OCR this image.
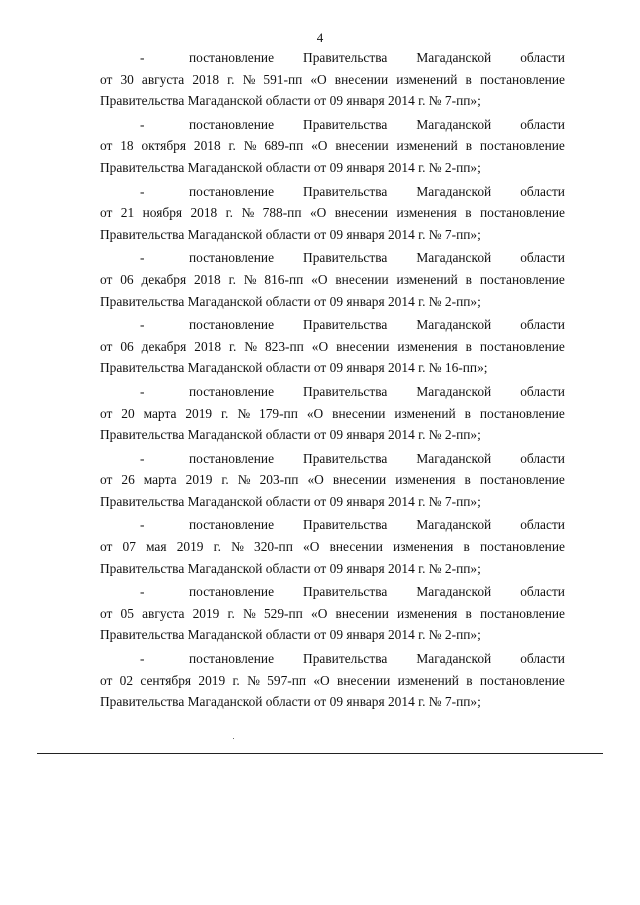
4
-	постановление Правительства Магаданской области
от 30 августа 2018 г. № 591-пп «О внесении изменений в постановление
Правительства Магаданской области от 09 января 2014 г. № 7-пп»;
-	постановление Правительства Магаданской области
от 18 октября 2018 г. № 689-пп «О внесении изменений в постановление
Правительства Магаданской области от 09 января 2014 г. № 2-пп»;
-	постановление Правительства Магаданской области
от 21 ноября 2018 г. № 788-пп «О внесении изменения в постановление
Правительства Магаданской области от 09 января 2014 г. № 7-пп»;
-	постановление Правительства Магаданской области
от 06 декабря 2018 г. № 816-пп «О внесении изменений в постановление
Правительства Магаданской области от 09 января 2014 г. № 2-пп»;
-	постановление Правительства Магаданской области
от 06 декабря 2018 г. № 823-пп «О внесении изменения в постановление
Правительства Магаданской области от 09 января 2014 г. № 16-пп»;
-	постановление Правительства Магаданской области
от 20 марта 2019 г. № 179-пп «О внесении изменений в постановление
Правительства Магаданской области от 09 января 2014 г. № 2-пп»;
-	постановление Правительства Магаданской области
от 26 марта 2019 г. № 203-пп «О внесении изменения в постановление
Правительства Магаданской области от 09 января 2014 г. № 7-пп»;
-	постановление Правительства Магаданской области
от 07 мая 2019 г. № 320-пп «О внесении изменения в постановление
Правительства Магаданской области от 09 января 2014 г. № 2-пп»;
-	постановление Правительства Магаданской области
от 05 августа 2019 г. № 529-пп «О внесении изменения в постановление
Правительства Магаданской области от 09 января 2014 г. № 2-пп»;
-	постановление Правительства Магаданской области
от 02 сентября 2019 г. № 597-пп «О внесении изменений в постановление
Правительства Магаданской области от 09 января 2014 г. № 7-пп»;
